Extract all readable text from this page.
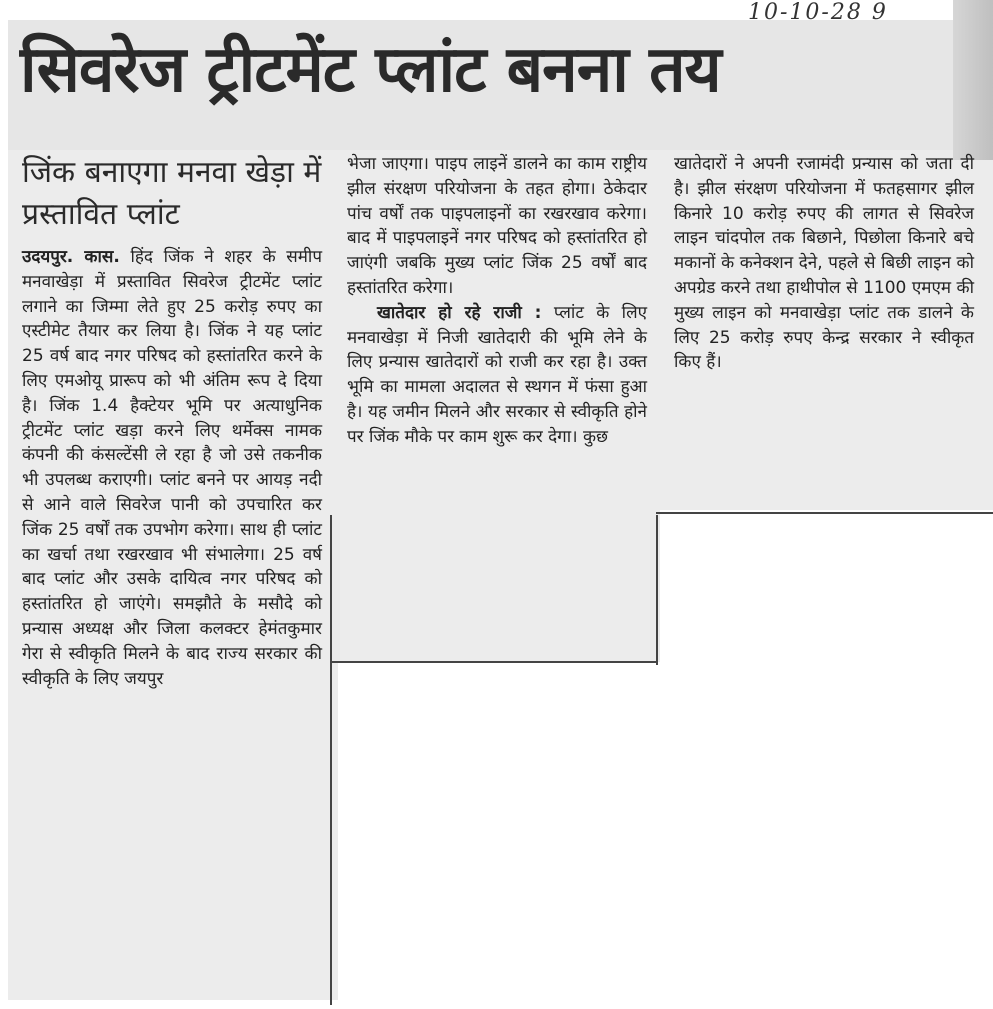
10-10-28 9
सिवरेज ट्रीटमेंट प्लांट बनना तय
जिंक बनाएगा मनवा खेड़ा में प्रस्तावित प्लांट
उदयपुर. कास. हिंद जिंक ने शहर के समीप मनवाखेड़ा में प्रस्तावित सिवरेज ट्रीटमेंट प्लांट लगाने का जिम्मा लेते हुए 25 करोड़ रुपए का एस्टीमेट तैयार कर लिया है। जिंक ने यह प्लांट 25 वर्ष बाद नगर परिषद को हस्तांतरित करने के लिए एमओयू प्रारूप को भी अंतिम रूप दे दिया है। जिंक 1.4 हैक्टेयर भूमि पर अत्याधुनिक ट्रीटमेंट प्लांट खड़ा करने लिए थर्मेक्स नामक कंपनी की कंसल्टेंसी ले रहा है जो उसे तकनीक भी उपलब्ध कराएगी। प्लांट बनने पर आयड़ नदी से आने वाले सिवरेज पानी को उपचारित कर जिंक 25 वर्षों तक उपभोग करेगा। साथ ही प्लांट का खर्चा तथा रखरखाव भी संभालेगा। 25 वर्ष बाद प्लांट और उसके दायित्व नगर परिषद को हस्तांतरित हो जाएंगे। समझौते के मसौदे को प्रन्यास अध्यक्ष और जिला कलक्टर हेमंतकुमार गेरा से स्वीकृति मिलने के बाद राज्य सरकार की स्वीकृति के लिए जयपुर
भेजा जाएगा। पाइप लाइनें डालने का काम राष्ट्रीय झील संरक्षण परियोजना के तहत होगा। ठेकेदार पांच वर्षों तक पाइपलाइनों का रखरखाव करेगा। बाद में पाइपलाइनें नगर परिषद को हस्तांतरित हो जाएंगी जबकि मुख्य प्लांट जिंक 25 वर्षों बाद हस्तांतरित करेगा।
खातेदार हो रहे राजी : प्लांट के लिए मनवाखेड़ा में निजी खातेदारी की भूमि लेने के लिए प्रन्यास खातेदारों को राजी कर रहा है। उक्त भूमि का मामला अदालत से स्थगन में फंसा हुआ है। यह जमीन मिलने और सरकार से स्वीकृति होने पर जिंक मौके पर काम शुरू कर देगा। कुछ
खातेदारों ने अपनी रजामंदी प्रन्यास को जता दी है। झील संरक्षण परियोजना में फतहसागर झील किनारे 10 करोड़ रुपए की लागत से सिवरेज लाइन चांदपोल तक बिछाने, पिछोला किनारे बचे मकानों के कनेक्शन देने, पहले से बिछी लाइन को अपग्रेड करने तथा हाथीपोल से 1100 एमएम की मुख्य लाइन को मनवाखेड़ा प्लांट तक डालने के लिए 25 करोड़ रुपए केन्द्र सरकार ने स्वीकृत किए हैं।
